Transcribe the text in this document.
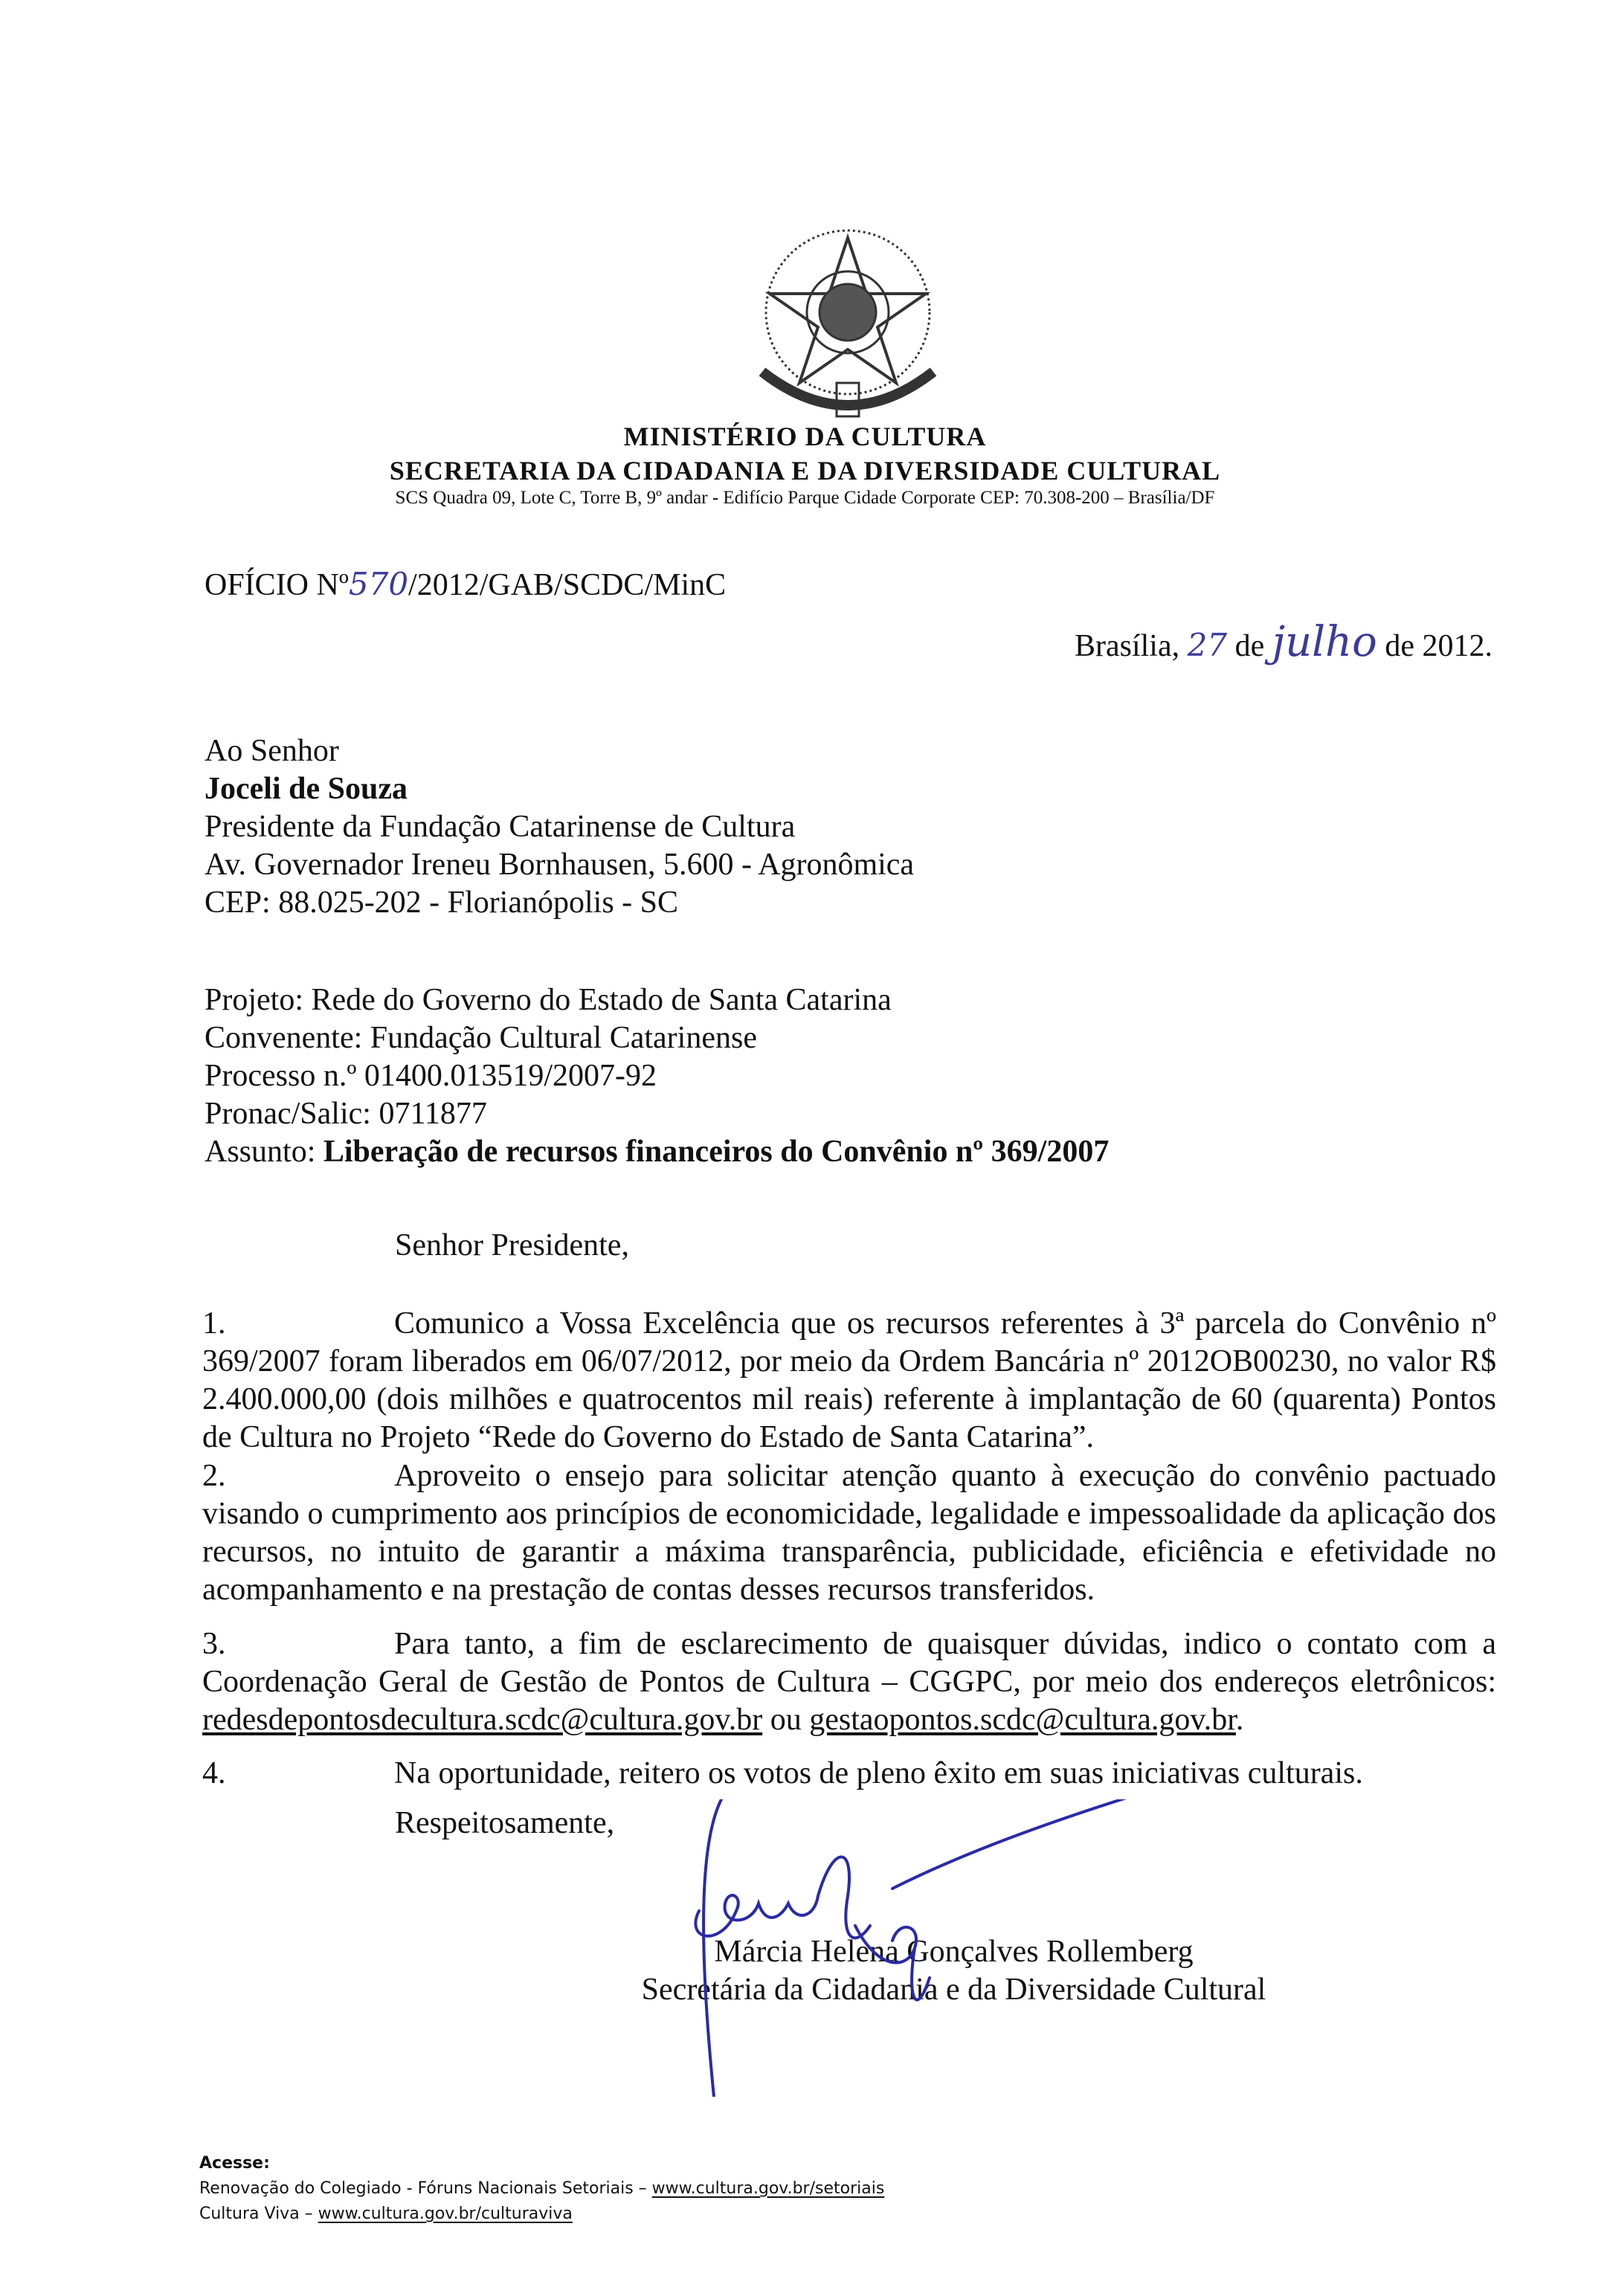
MINISTÉRIO DA CULTURA
SECRETARIA DA CIDADANIA E DA DIVERSIDADE CULTURAL
SCS Quadra 09, Lote C, Torre B, 9º andar - Edifício Parque Cidade Corporate CEP: 70.308-200 – Brasília/DF
OFÍCIO Nº570/2012/GAB/SCDC/MinC
Brasília, 27 de julho de 2012.
Ao Senhor
Joceli de Souza
Presidente da Fundação Catarinense de Cultura
Av. Governador Ireneu Bornhausen, 5.600 - Agronômica
CEP: 88.025-202 - Florianópolis - SC
Projeto: Rede do Governo do Estado de Santa Catarina
Convenente: Fundação Cultural Catarinense
Processo n.º 01400.013519/2007-92
Pronac/Salic: 0711877
Assunto: Liberação de recursos financeiros do Convênio nº 369/2007
Senhor Presidente,
1.	Comunico a Vossa Excelência que os recursos referentes à 3ª parcela do Convênio nº 369/2007 foram liberados em 06/07/2012, por meio da Ordem Bancária nº 2012OB00230, no valor R$ 2.400.000,00 (dois milhões e quatrocentos mil reais) referente à implantação de 60 (quarenta) Pontos de Cultura no Projeto “Rede do Governo do Estado de Santa Catarina”.
2.	Aproveito o ensejo para solicitar atenção quanto à execução do convênio pactuado visando o cumprimento aos princípios de economicidade, legalidade e impessoalidade da aplicação dos recursos, no intuito de garantir a máxima transparência, publicidade, eficiência e efetividade no acompanhamento e na prestação de contas desses recursos transferidos.
3.	Para tanto, a fim de esclarecimento de quaisquer dúvidas, indico o contato com a Coordenação Geral de Gestão de Pontos de Cultura – CGGPC, por meio dos endereços eletrônicos: redesdepontosdecultura.scdc@cultura.gov.br ou gestaopontos.scdc@cultura.gov.br.
4.	Na oportunidade, reitero os votos de pleno êxito em suas iniciativas culturais.
Respeitosamente,
Márcia Helena Gonçalves Rollemberg
Secretária da Cidadania e da Diversidade Cultural
Acesse:
Renovação do Colegiado - Fóruns Nacionais Setoriais – www.cultura.gov.br/setoriais
Cultura Viva – www.cultura.gov.br/culturaviva
